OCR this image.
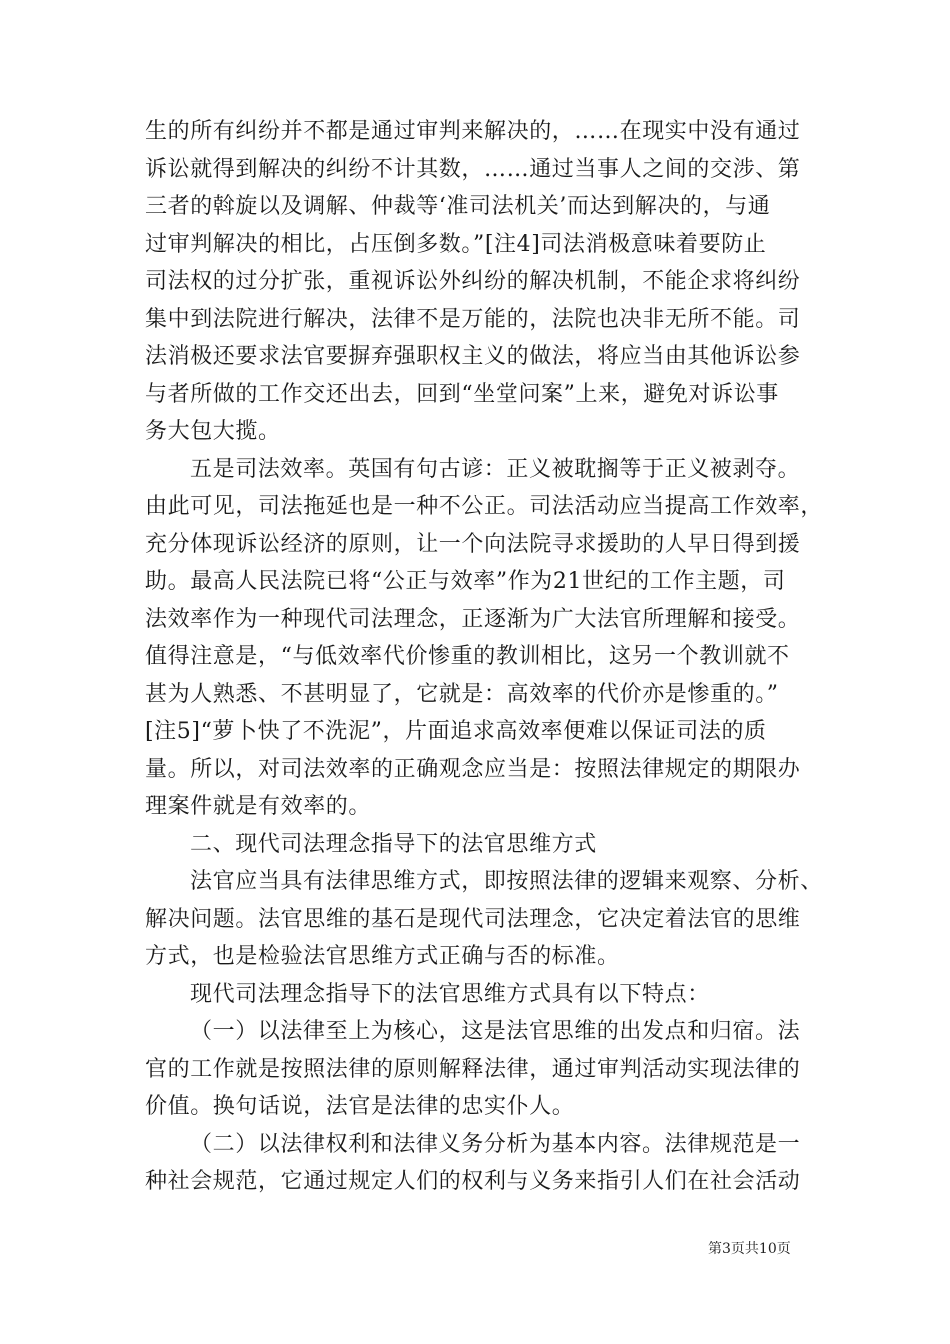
生的所有纠纷并不都是通过审判来解决的，……在现实中没有通过
诉讼就得到解决的纠纷不计其数，……通过当事人之间的交涉、第
三者的斡旋以及调解、仲裁等‘准司法机关’而达到解决的，与通
过审判解决的相比，占压倒多数。”[注4]司法消极意味着要防止
司法权的过分扩张，重视诉讼外纠纷的解决机制，不能企求将纠纷
集中到法院进行解决，法律不是万能的，法院也决非无所不能。司
法消极还要求法官要摒弃强职权主义的做法，将应当由其他诉讼参
与者所做的工作交还出去，回到“坐堂问案”上来，避免对诉讼事
务大包大揽。
五是司法效率。英国有句古谚：正义被耽搁等于正义被剥夺。
由此可见，司法拖延也是一种不公正。司法活动应当提高工作效率，
充分体现诉讼经济的原则，让一个向法院寻求援助的人早日得到援
助。最高人民法院已将“公正与效率”作为21世纪的工作主题，司
法效率作为一种现代司法理念，正逐渐为广大法官所理解和接受。
值得注意是，“与低效率代价惨重的教训相比，这另一个教训就不
甚为人熟悉、不甚明显了，它就是：高效率的代价亦是惨重的。”
[注5]“萝卜快了不洗泥”，片面追求高效率便难以保证司法的质
量。所以，对司法效率的正确观念应当是：按照法律规定的期限办
理案件就是有效率的。
二、现代司法理念指导下的法官思维方式
法官应当具有法律思维方式，即按照法律的逻辑来观察、分析、
解决问题。法官思维的基石是现代司法理念，它决定着法官的思维
方式，也是检验法官思维方式正确与否的标准。
现代司法理念指导下的法官思维方式具有以下特点：
（一）以法律至上为核心，这是法官思维的出发点和归宿。法
官的工作就是按照法律的原则解释法律，通过审判活动实现法律的
价值。换句话说，法官是法律的忠实仆人。
（二）以法律权利和法律义务分析为基本内容。法律规范是一
种社会规范，它通过规定人们的权利与义务来指引人们在社会活动
第3页共10页
